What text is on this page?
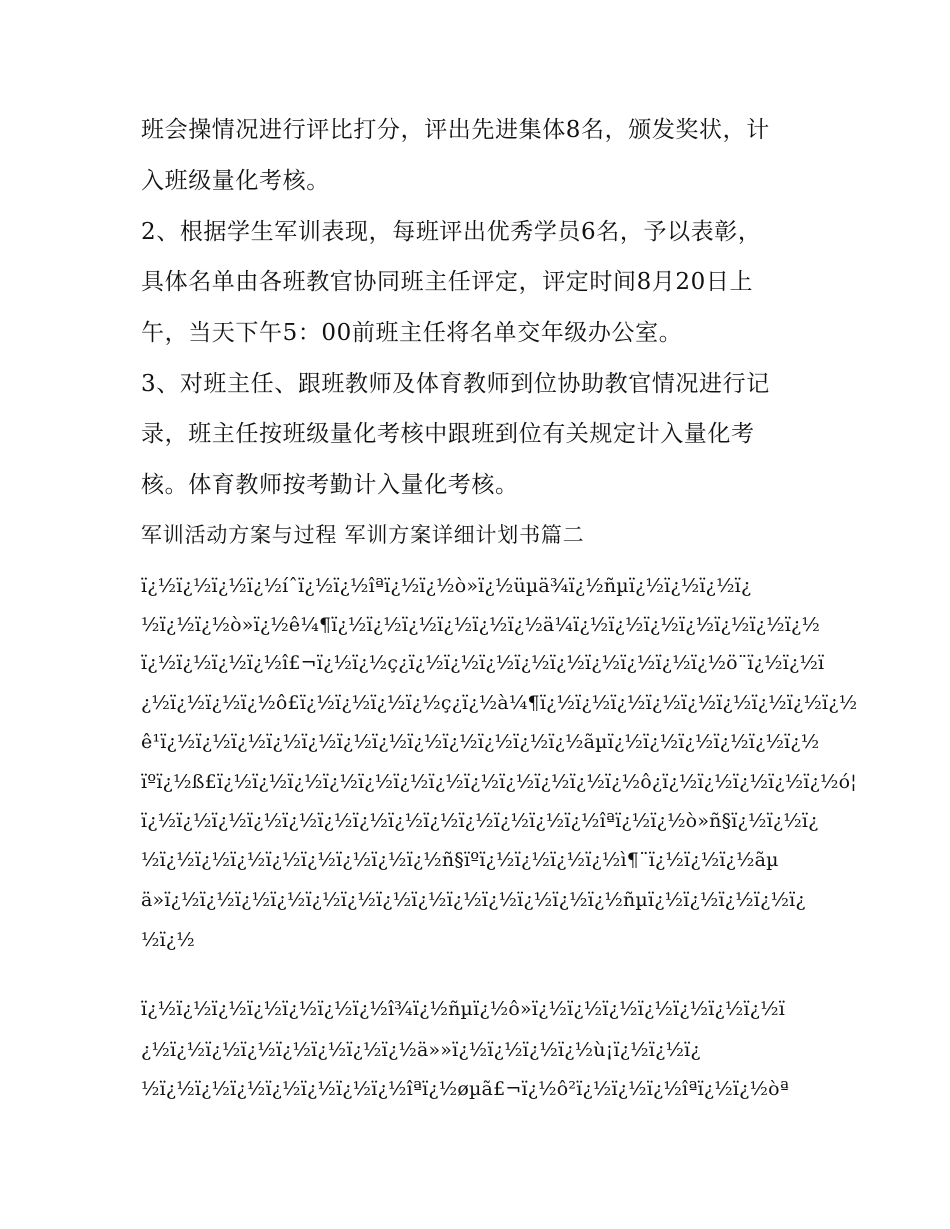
班会操情况进行评比打分，评出先进集体8名，颁发奖状，计
入班级量化考核。
2、根据学生军训表现，每班评出优秀学员6名，予以表彰，
具体名单由各班教官协同班主任评定，评定时间8月20日上
午，当天下午5：00前班主任将名单交年级办公室。
3、对班主任、跟班教师及体育教师到位协助教官情况进行记
录，班主任按班级量化考核中跟班到位有关规定计入量化考
核。体育教师按考勤计入量化考核。
军训活动方案与过程 军训方案详细计划书篇二
ï¿½ï¿½ï¿½ï¿½íˆï¿½ï¿½îªï¿½ï¿½ò»ï¿½üµä¾ï¿½ñµï¿½ï¿½ï¿½ï¿
½ï¿½ï¿½ò»ï¿½ê¼¶ï¿½ï¿½ï¿½ï¿½ï¿½ï¿½ä¼ï¿½ï¿½ï¿½ï¿½ï¿½ï¿½ï¿½
ï¿½ï¿½ï¿½ï¿½î£¬ï¿½ï¿½ç¿ï¿½ï¿½ï¿½ï¿½ï¿½ï¿½ï¿½ï¿½ï¿½ö¨ï¿½ï¿½ï
¿½ï¿½ï¿½ï¿½ô£ï¿½ï¿½ï¿½ï¿½ç¿ï¿½à¼¶ï¿½ï¿½ï¿½ï¿½ï¿½ï¿½ï¿½ï¿½ï¿½
ê¹ï¿½ï¿½ï¿½ï¿½ï¿½ï¿½ï¿½ï¿½ï¿½ï¿½ï¿½ï¿½ãµï¿½ï¿½ï¿½ï¿½ï¿½ï¿½
ïºï¿½ß£ï¿½ï¿½ï¿½ï¿½ï¿½ï¿½ï¿½ï¿½ï¿½ï¿½ï¿½ï¿½ô¿ï¿½ï¿½ï¿½ï¿½ï¿½ó¦
ï¿½ï¿½ï¿½ï¿½ï¿½ï¿½ï¿½ï¿½ï¿½ï¿½ï¿½ï¿½ï¿½îªï¿½ï¿½ò»ñ§ï¿½ï¿½ï¿
½ï¿½ï¿½ï¿½ï¿½ï¿½ï¿½ï¿½ï¿½ñ§ïºï¿½ï¿½ï¿½ï¿½ì¶¨ï¿½ï¿½ï¿½ãµ
ä»ï¿½ï¿½ï¿½ï¿½ï¿½ï¿½ï¿½ï¿½ï¿½ï¿½ï¿½ï¿½ï¿½ñµï¿½ï¿½ï¿½ï¿½ï¿
½ï¿½
ï¿½ï¿½ï¿½ï¿½ï¿½ï¿½ï¿½î¾ï¿½ñµï¿½ô»ï¿½ï¿½ï¿½ï¿½ï¿½ï¿½ï¿½ï
¿½ï¿½ï¿½ï¿½ï¿½ï¿½ï¿½ï¿½ä»»ï¿½ï¿½ï¿½ï¿½ù¡ï¿½ï¿½ï¿
½ï¿½ï¿½ï¿½ï¿½ï¿½ï¿½ï¿½îªï¿½øµã£¬ï¿½ô²ï¿½ï¿½ï¿½îªï¿½ï¿½òª
